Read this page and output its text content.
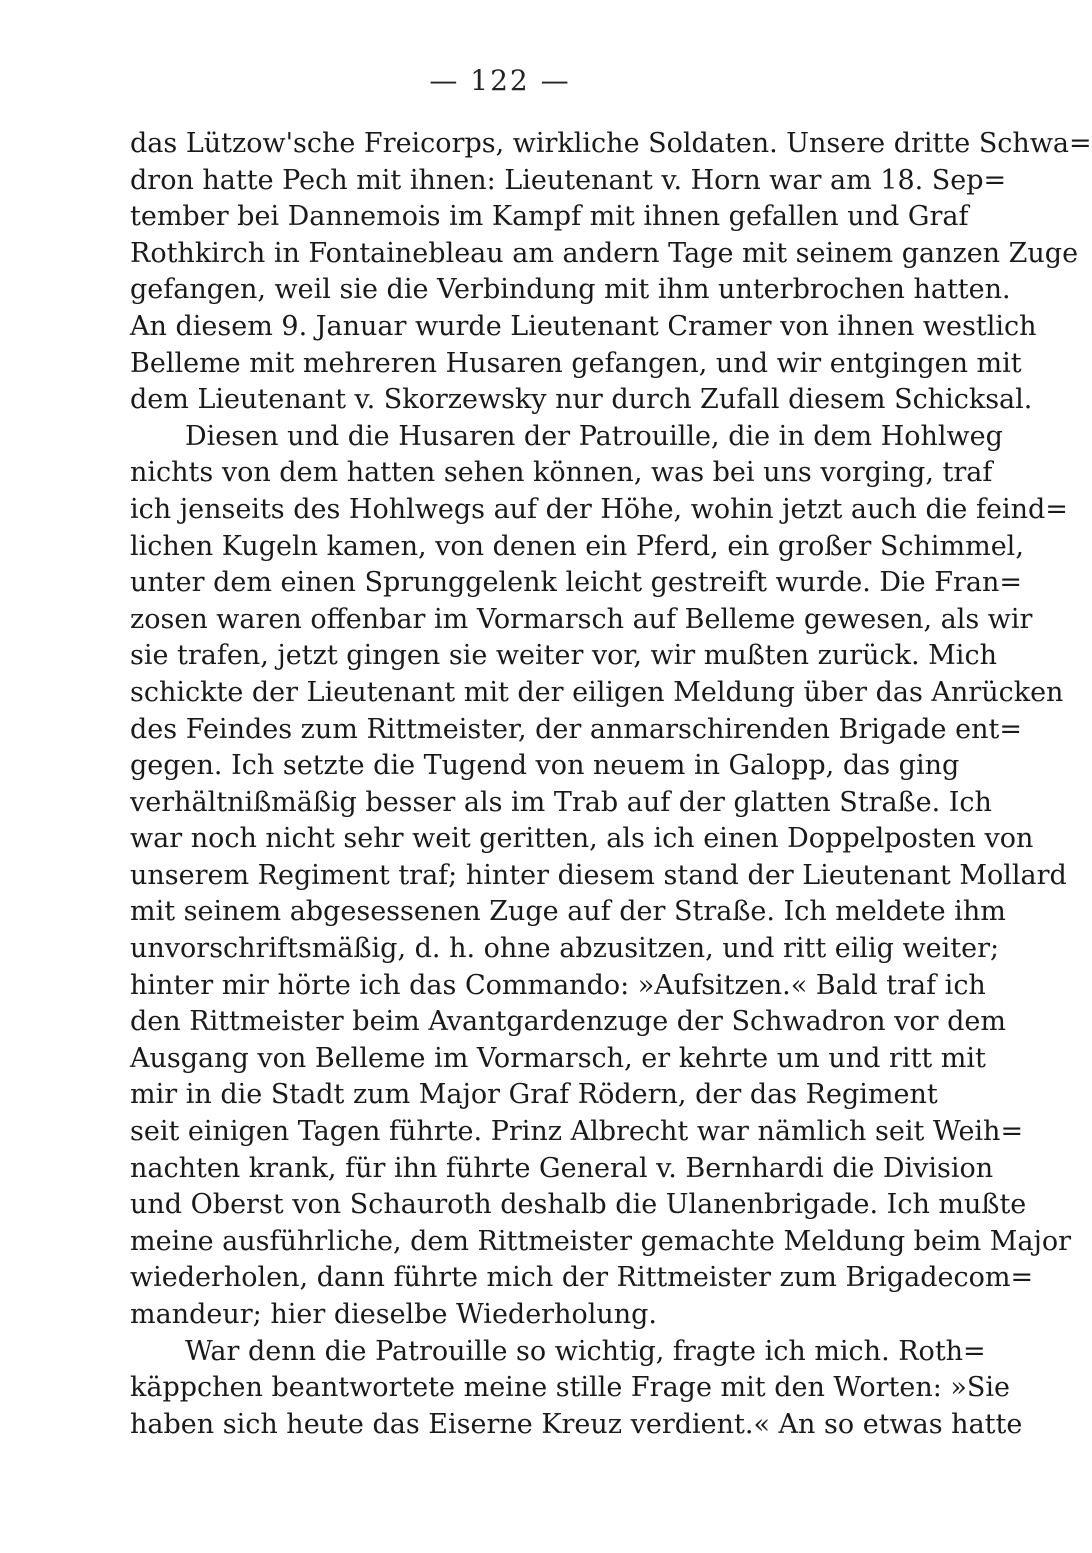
— 122 —
das Lützow'sche Freicorps, wirkliche Soldaten. Unsere dritte Schwa=
dron hatte Pech mit ihnen: Lieutenant v. Horn war am 18. Sep=
tember bei Dannemois im Kampf mit ihnen gefallen und Graf
Rothkirch in Fontainebleau am andern Tage mit seinem ganzen Zuge
gefangen, weil sie die Verbindung mit ihm unterbrochen hatten.
An diesem 9. Januar wurde Lieutenant Cramer von ihnen westlich
Belleme mit mehreren Husaren gefangen, und wir entgingen mit
dem Lieutenant v. Skorzewsky nur durch Zufall diesem Schicksal.
Diesen und die Husaren der Patrouille, die in dem Hohlweg
nichts von dem hatten sehen können, was bei uns vorging, traf
ich jenseits des Hohlwegs auf der Höhe, wohin jetzt auch die feind=
lichen Kugeln kamen, von denen ein Pferd, ein großer Schimmel,
unter dem einen Sprunggelenk leicht gestreift wurde. Die Fran=
zosen waren offenbar im Vormarsch auf Belleme gewesen, als wir
sie trafen, jetzt gingen sie weiter vor, wir mußten zurück. Mich
schickte der Lieutenant mit der eiligen Meldung über das Anrücken
des Feindes zum Rittmeister, der anmarschirenden Brigade ent=
gegen. Ich setzte die Tugend von neuem in Galopp, das ging
verhältnißmäßig besser als im Trab auf der glatten Straße. Ich
war noch nicht sehr weit geritten, als ich einen Doppelposten von
unserem Regiment traf; hinter diesem stand der Lieutenant Mollard
mit seinem abgesessenen Zuge auf der Straße. Ich meldete ihm
unvorschriftsmäßig, d. h. ohne abzusitzen, und ritt eilig weiter;
hinter mir hörte ich das Commando: »Aufsitzen.« Bald traf ich
den Rittmeister beim Avantgardenzuge der Schwadron vor dem
Ausgang von Belleme im Vormarsch, er kehrte um und ritt mit
mir in die Stadt zum Major Graf Rödern, der das Regiment
seit einigen Tagen führte. Prinz Albrecht war nämlich seit Weih=
nachten krank, für ihn führte General v. Bernhardi die Division
und Oberst von Schauroth deshalb die Ulanenbrigade. Ich mußte
meine ausführliche, dem Rittmeister gemachte Meldung beim Major
wiederholen, dann führte mich der Rittmeister zum Brigadecom=
mandeur; hier dieselbe Wiederholung.
War denn die Patrouille so wichtig, fragte ich mich. Roth=
käppchen beantwortete meine stille Frage mit den Worten: »Sie
haben sich heute das Eiserne Kreuz verdient.« An so etwas hatte
